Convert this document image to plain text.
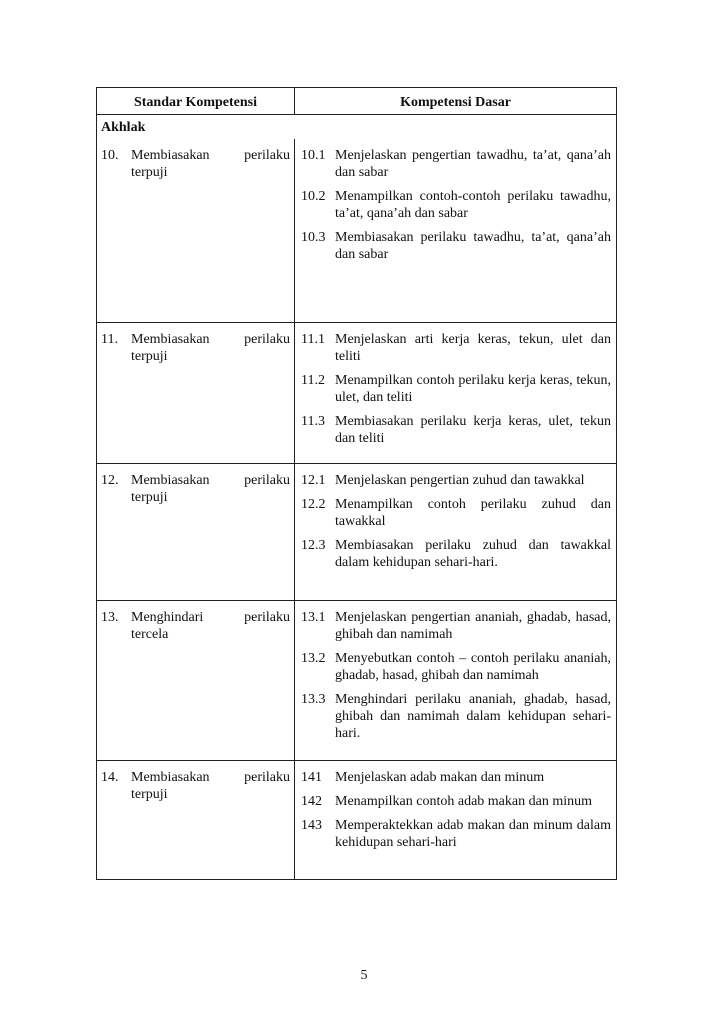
Standar Kompetensi	Kompetensi Dasar
Akhlak
10. Membiasakan perilaku
terpuji
10.1 Menjelaskan pengertian tawadhu, ta’at, qana’ah dan sabar
10.2 Menampilkan contoh-contoh perilaku tawadhu, ta’at, qana’ah dan sabar
10.3 Membiasakan perilaku tawadhu, ta’at, qana’ah dan sabar
11. Membiasakan perilaku
terpuji
11.1 Menjelaskan arti kerja keras, tekun, ulet dan teliti
11.2 Menampilkan contoh perilaku kerja keras, tekun, ulet, dan teliti
11.3 Membiasakan perilaku kerja keras, ulet, tekun dan teliti
12. Membiasakan perilaku
terpuji
12.1 Menjelaskan pengertian zuhud dan tawakkal
12.2 Menampilkan contoh perilaku zuhud dan tawakkal
12.3 Membiasakan perilaku zuhud dan tawakkal dalam kehidupan sehari-hari.
13. Menghindari	perilaku
tercela
13.1 Menjelaskan pengertian ananiah, ghadab, hasad, ghibah dan namimah
13.2 Menyebutkan contoh – contoh perilaku ananiah, ghadab, hasad, ghibah dan namimah
13.3 Menghindari perilaku ananiah, ghadab, hasad, ghibah dan namimah dalam kehidupan sehari-hari.
14. Membiasakan perilaku
terpuji
141 Menjelaskan adab makan dan minum
142 Menampilkan contoh adab makan dan minum
143 Memperaktekkan adab makan dan minum dalam kehidupan sehari-hari
5
